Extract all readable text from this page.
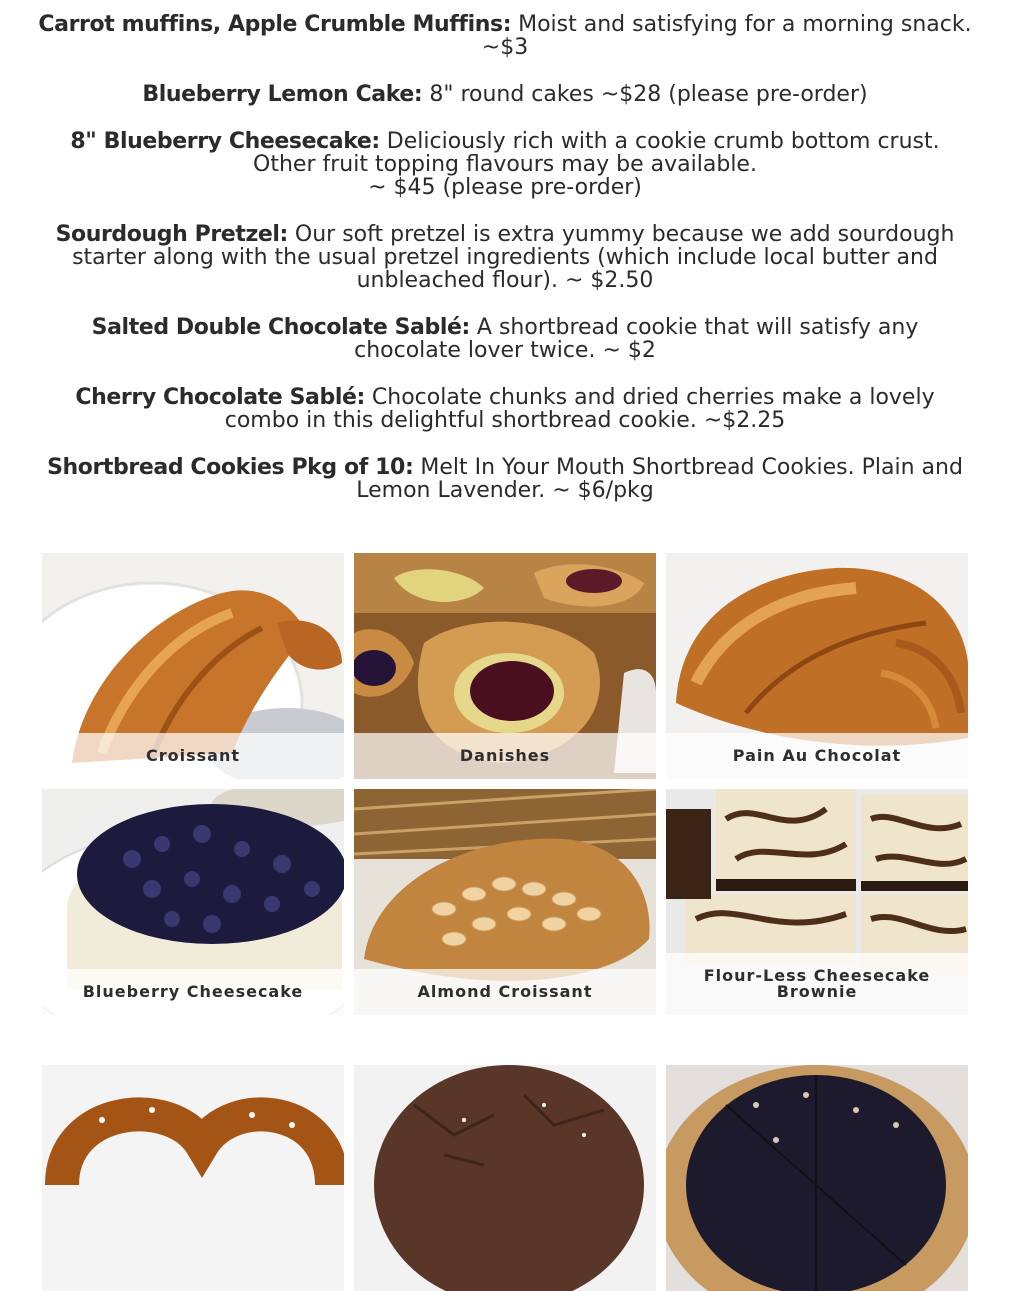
Carrot muffins, Apple Crumble Muffins: Moist and satisfying for a morning snack. ~$3

Blueberry Lemon Cake: 8" round cakes ~$28 (please pre-order)

8" Blueberry Cheesecake: Deliciously rich with a cookie crumb bottom crust. Other fruit topping flavours may be available.
~ $45 (please pre-order)

Sourdough Pretzel: Our soft pretzel is extra yummy because we add sourdough starter along with the usual pretzel ingredients (which include local butter and unbleached flour). ~ $2.50

Salted Double Chocolate Sablé: A shortbread cookie that will satisfy any chocolate lover twice. ~ $2

Cherry Chocolate Sablé: Chocolate chunks and dried cherries make a lovely combo in this delightful shortbread cookie. ~$2.25

Shortbread Cookies Pkg of 10: Melt In Your Mouth Shortbread Cookies. Plain and Lemon Lavender. ~ $6/pkg

Croissant	Danishes	Pain Au Chocolat
Blueberry Cheesecake	Almond Croissant
Flour-Less Cheesecake Brownie
